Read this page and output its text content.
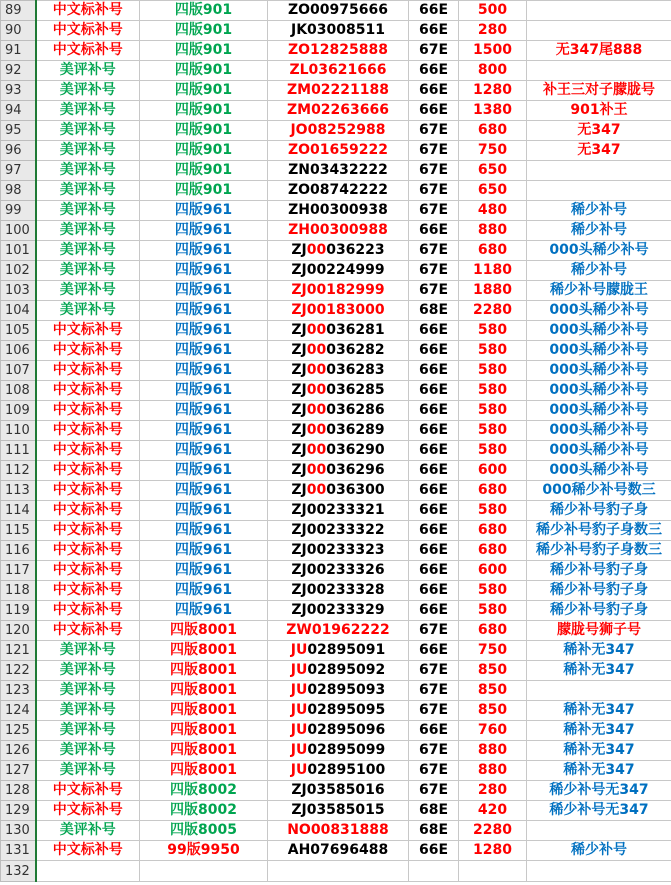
89	中文标补号	四版901	ZO00975666	66E	500	
90	中文标补号	四版901	JK03008511	66E	280	
91	中文标补号	四版901	ZO12825888	67E	1500	无347尾888
92	美评补号	四版901	ZL03621666	66E	800	
93	美评补号	四版901	ZM02221188	66E	1280	补王三对子朦胧号
94	美评补号	四版901	ZM02263666	66E	1380	901补王
95	美评补号	四版901	JO08252988	67E	680	无347
96	美评补号	四版901	ZO01659222	67E	750	无347
97	美评补号	四版901	ZN03432222	67E	650	
98	美评补号	四版901	ZO08742222	67E	650	
99	美评补号	四版961	ZH00300938	67E	480	稀少补号
100	美评补号	四版961	ZH00300988	66E	880	稀少补号
101	美评补号	四版961	ZJ00036223	67E	680	000头稀少补号
102	美评补号	四版961	ZJ00224999	67E	1180	稀少补号
103	美评补号	四版961	ZJ00182999	67E	1880	稀少补号朦胧王
104	美评补号	四版961	ZJ00183000	68E	2280	000头稀少补号
105	中文标补号	四版961	ZJ00036281	66E	580	000头稀少补号
106	中文标补号	四版961	ZJ00036282	66E	580	000头稀少补号
107	中文标补号	四版961	ZJ00036283	66E	580	000头稀少补号
108	中文标补号	四版961	ZJ00036285	66E	580	000头稀少补号
109	中文标补号	四版961	ZJ00036286	66E	580	000头稀少补号
110	中文标补号	四版961	ZJ00036289	66E	580	000头稀少补号
111	中文标补号	四版961	ZJ00036290	66E	580	000头稀少补号
112	中文标补号	四版961	ZJ00036296	66E	600	000头稀少补号
113	中文标补号	四版961	ZJ00036300	66E	680	000稀少补号数三
114	中文标补号	四版961	ZJ00233321	66E	580	稀少补号豹子身
115	中文标补号	四版961	ZJ00233322	66E	680	稀少补号豹子身数三
116	中文标补号	四版961	ZJ00233323	66E	680	稀少补号豹子身数三
117	中文标补号	四版961	ZJ00233326	66E	600	稀少补号豹子身
118	中文标补号	四版961	ZJ00233328	66E	580	稀少补号豹子身
119	中文标补号	四版961	ZJ00233329	66E	580	稀少补号豹子身
120	中文标补号	四版8001	ZW01962222	67E	680	朦胧号狮子号
121	美评补号	四版8001	JU02895091	66E	750	稀补无347
122	美评补号	四版8001	JU02895092	67E	850	稀补无347
123	美评补号	四版8001	JU02895093	67E	850	
124	美评补号	四版8001	JU02895095	67E	850	稀补无347
125	美评补号	四版8001	JU02895096	66E	760	稀补无347
126	美评补号	四版8001	JU02895099	67E	880	稀补无347
127	美评补号	四版8001	JU02895100	67E	880	稀补无347
128	中文标补号	四版8002	ZJ03585016	67E	280	稀少补号无347
129	中文标补号	四版8002	ZJ03585015	68E	420	稀少补号无347
130	美评补号	四版8005	NO00831888	68E	2280	
131	中文标补号	99版9950	AH07696488	66E	1280	稀少补号
132						
